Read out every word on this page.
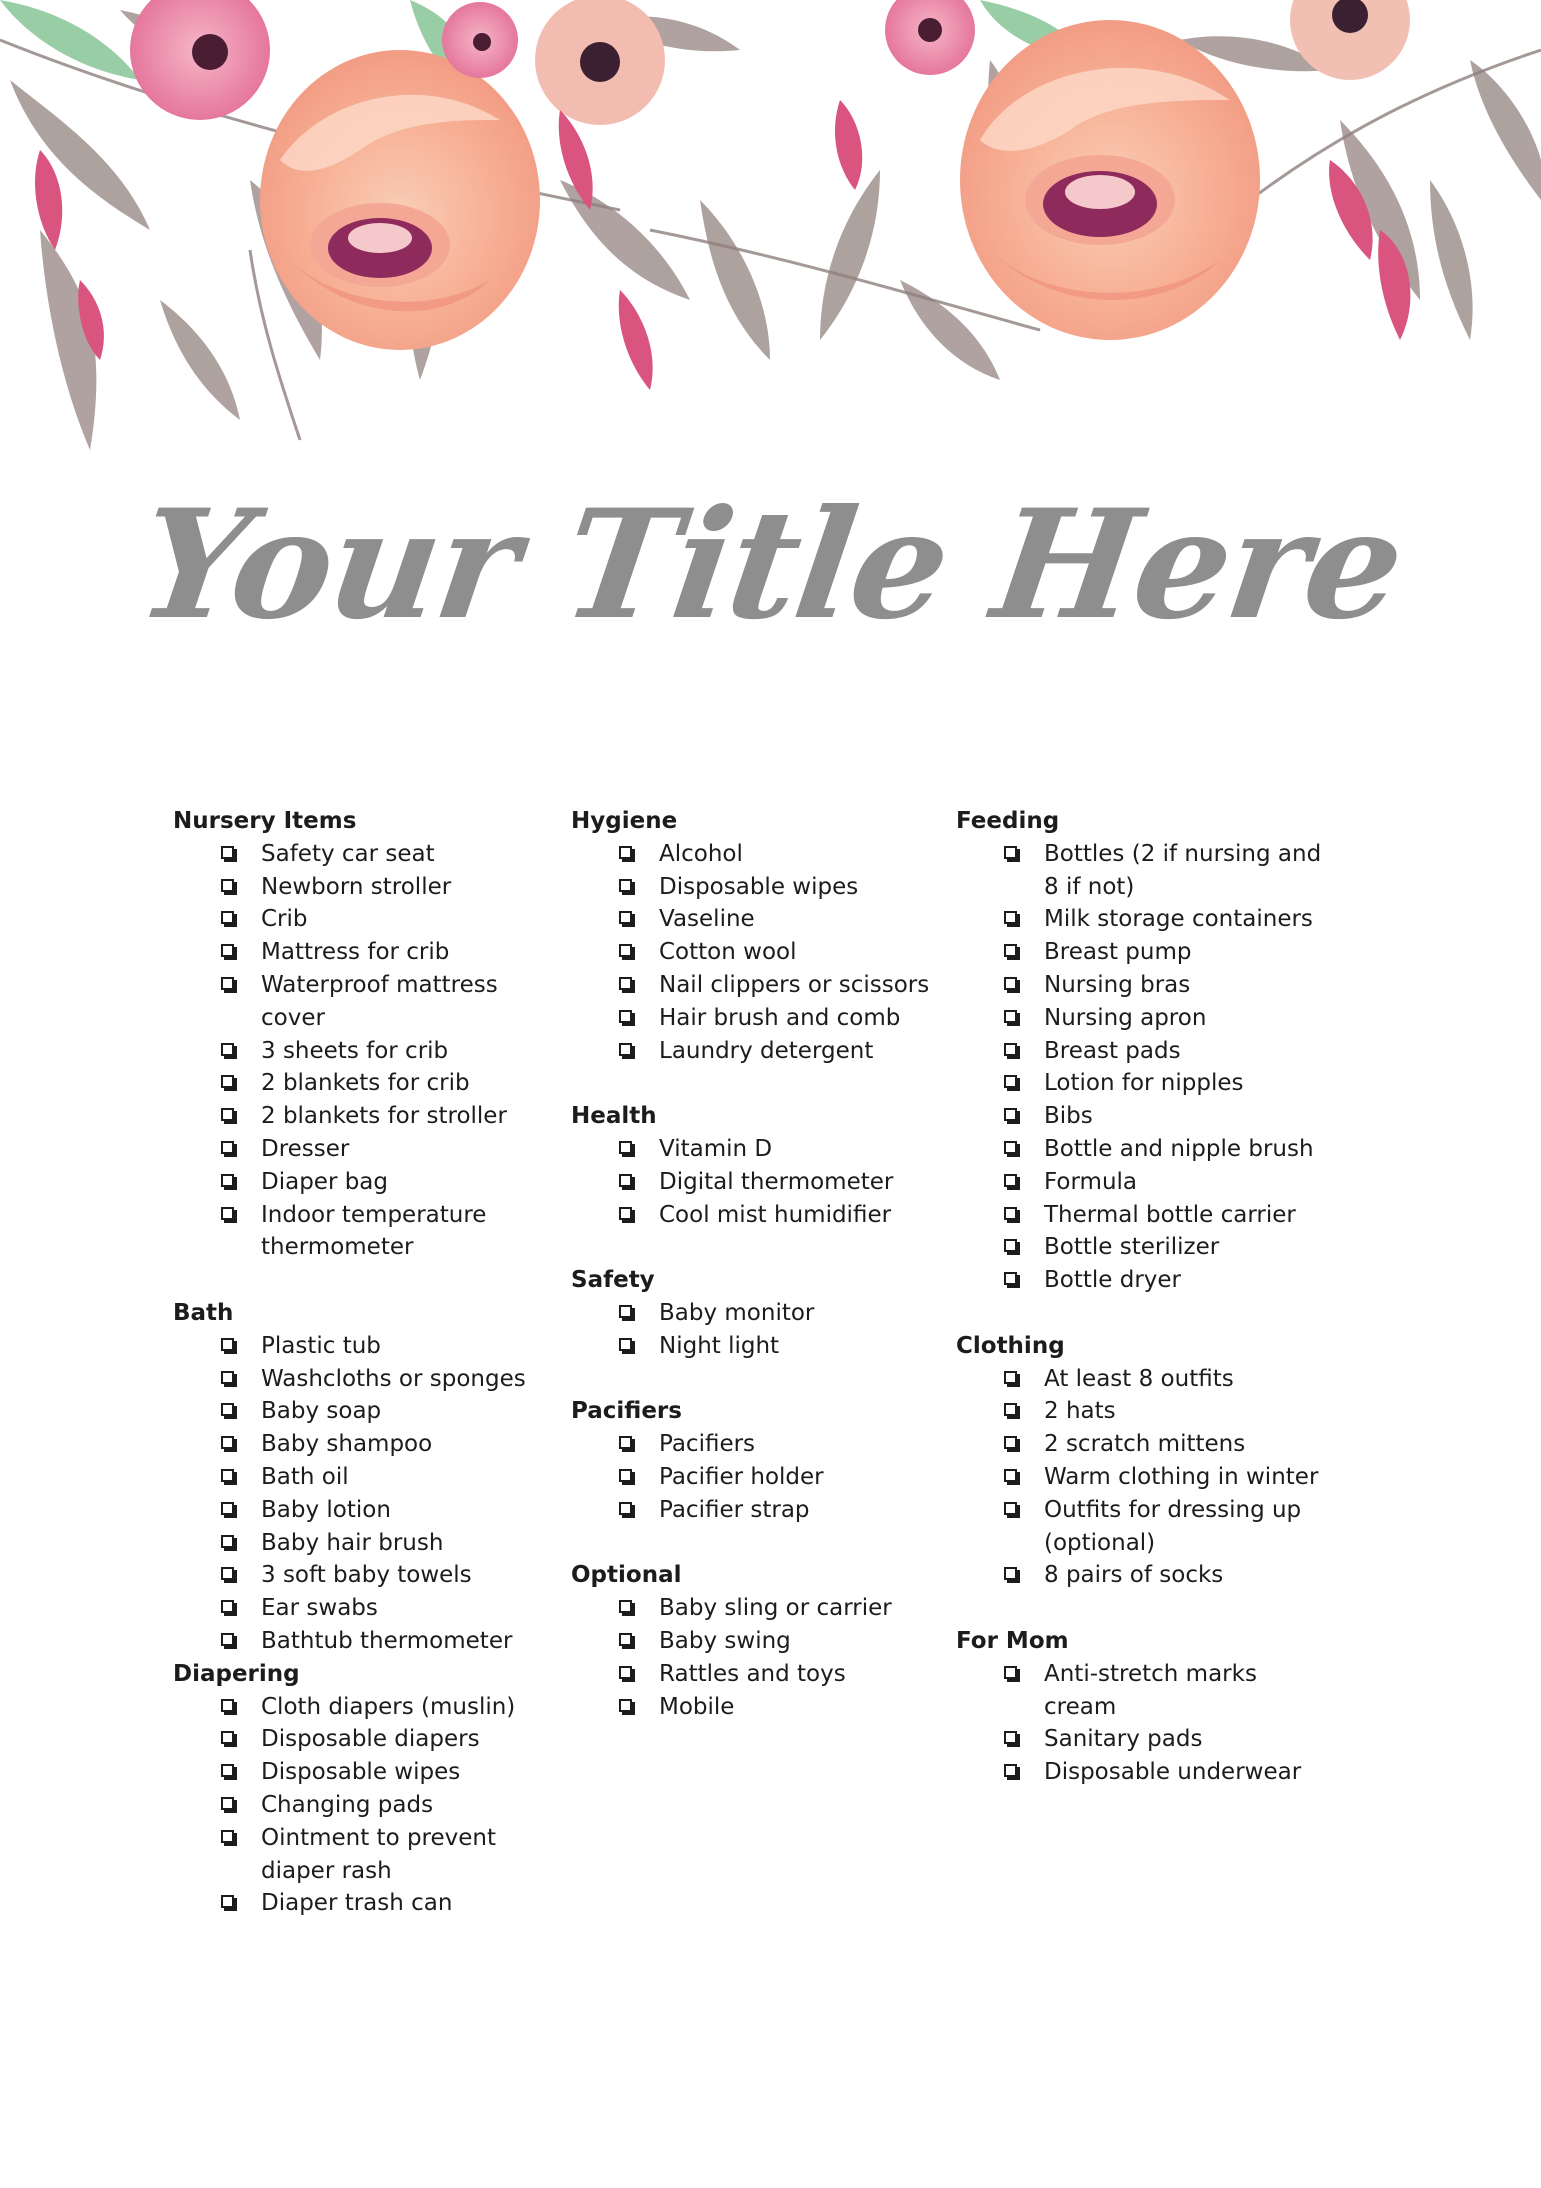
Your Title Here
Nursery Items
Safety car seat
Newborn stroller
Crib
Mattress for crib
Waterproof mattress cover
3 sheets for crib
2 blankets for crib
2 blankets for stroller
Dresser
Diaper bag
Indoor temperature thermometer
Bath
Plastic tub
Washcloths or sponges
Baby soap
Baby shampoo
Bath oil
Baby lotion
Baby hair brush
3 soft baby towels
Ear swabs
Bathtub thermometer
Diapering
Cloth diapers (muslin)
Disposable diapers
Disposable wipes
Changing pads
Ointment to prevent diaper rash
Diaper trash can
Hygiene
Alcohol
Disposable wipes
Vaseline
Cotton wool
Nail clippers or scissors
Hair brush and comb
Laundry detergent
Health
Vitamin D
Digital thermometer
Cool mist humidifier
Safety
Baby monitor
Night light
Pacifiers
Pacifiers
Pacifier holder
Pacifier strap
Optional
Baby sling or carrier
Baby swing
Rattles and toys
Mobile
Feeding
Bottles (2 if nursing and 8 if not)
Milk storage containers
Breast pump
Nursing bras
Nursing apron
Breast pads
Lotion for nipples
Bibs
Bottle and nipple brush
Formula
Thermal bottle carrier
Bottle sterilizer
Bottle dryer
Clothing
At least 8 outfits
2 hats
2 scratch mittens
Warm clothing in winter
Outfits for dressing up (optional)
8 pairs of socks
For Mom
Anti-stretch marks cream
Sanitary pads
Disposable underwear
